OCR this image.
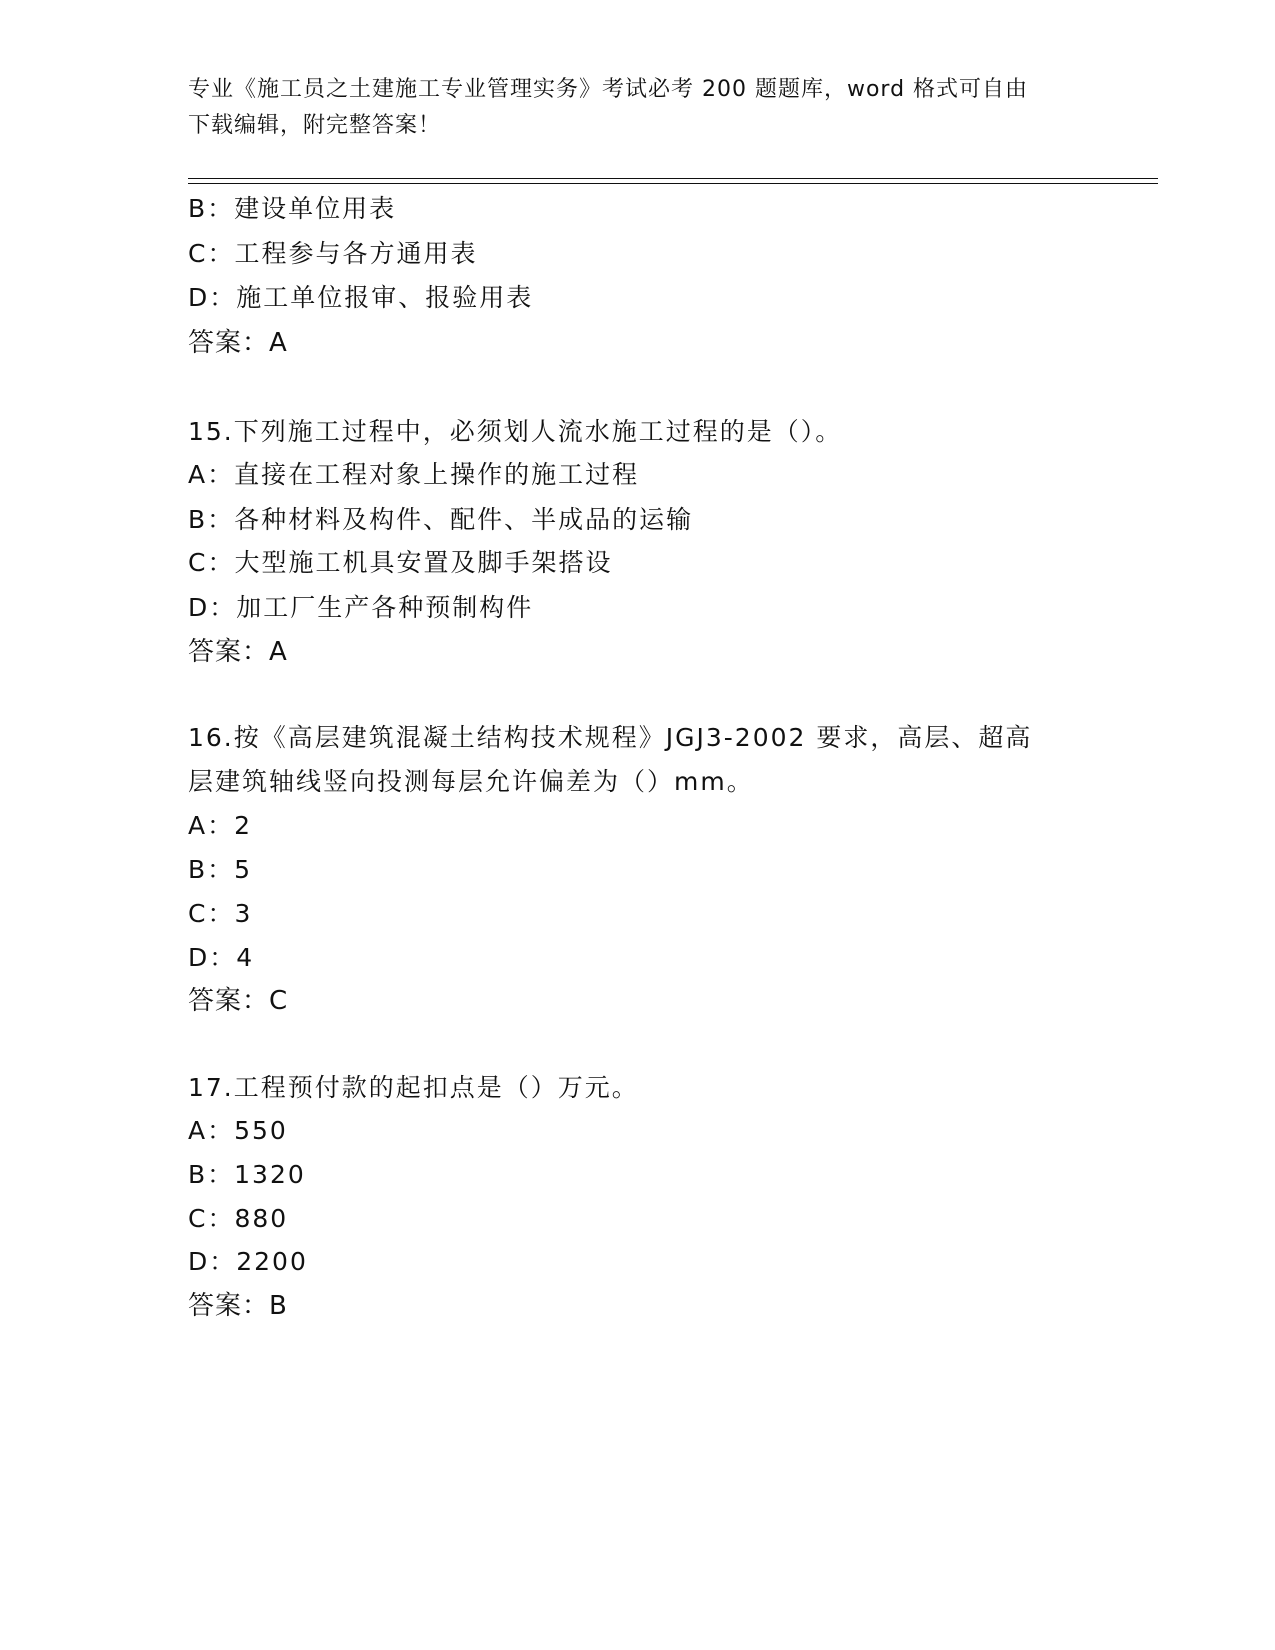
专业《施工员之土建施工专业管理实务》考试必考 200 题题库，word 格式可自由
下载编辑，附完整答案！
B：建设单位用表
C：工程参与各方通用表
D：施工单位报审、报验用表
答案：A
15.下列施工过程中，必须划人流水施工过程的是（）。
A：直接在工程对象上操作的施工过程
B：各种材料及构件、配件、半成品的运输
C：大型施工机具安置及脚手架搭设
D：加工厂生产各种预制构件
答案：A
16.按《高层建筑混凝土结构技术规程》JGJ3-2002 要求，高层、超高
层建筑轴线竖向投测每层允许偏差为（）mm。
A：2
B：5
C：3
D：4
答案：C
17.工程预付款的起扣点是（）万元。
A：550
B：1320
C：880
D：2200
答案：B
